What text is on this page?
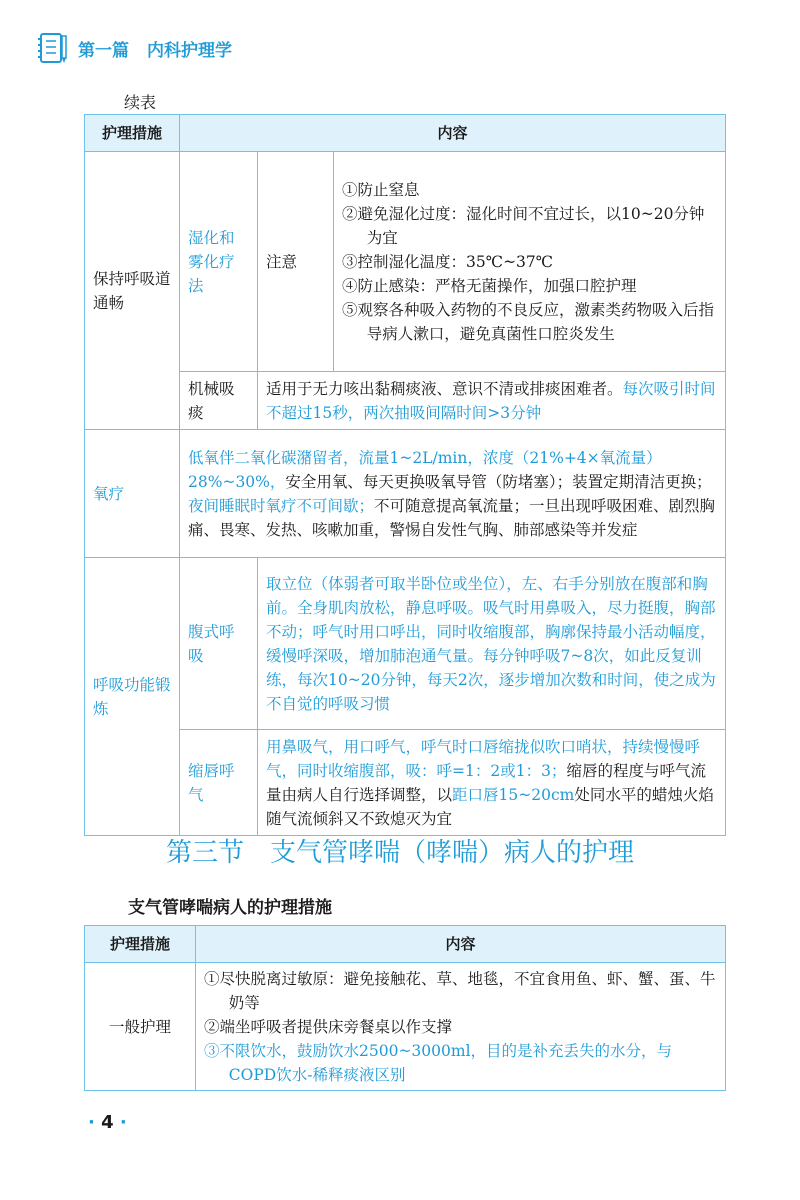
第一篇 内科护理学
续表
护理措施	内容		
保持呼吸道通畅	湿化和雾化疗法	注意	①防止窒息
②避免湿化过度：湿化时间不宜过长，以10~20分钟为宜
③控制湿化温度：35℃~37℃
④防止感染：严格无菌操作，加强口腔护理
⑤观察各种吸入药物的不良反应，激素类药物吸入后指导病人漱口，避免真菌性口腔炎发生

	机械吸痰	适用于无力咳出黏稠痰液、意识不清或排痰困难者。每次吸引时间不超过15秒，两次抽吸间隔时间>3分钟	
氧疗	低氧伴二氧化碳潴留者，流量1~2L/min，浓度（21%+4×氧流量）28%~30%，安全用氧、每天更换吸氧导管（防堵塞）；装置定期清洁更换；夜间睡眠时氧疗不可间歇；不可随意提高氧流量；一旦出现呼吸困难、剧烈胸痛、畏寒、发热、咳嗽加重，警惕自发性气胸、肺部感染等并发症		
呼吸功能锻炼	腹式呼吸	取立位（体弱者可取半卧位或坐位），左、右手分别放在腹部和胸前。全身肌肉放松，静息呼吸。吸气时用鼻吸入，尽力挺腹，胸部不动；呼气时用口呼出，同时收缩腹部，胸廓保持最小活动幅度，缓慢呼深吸，增加肺泡通气量。每分钟呼吸7~8次，如此反复训练，每次10~20分钟，每天2次，逐步增加次数和时间，使之成为不自觉的呼吸习惯	
	缩唇呼气	用鼻吸气，用口呼气，呼气时口唇缩拢似吹口哨状，持续慢慢呼气，同时收缩腹部，吸：呼=1：2或1：3；缩唇的程度与呼气流量由病人自行选择调整，以距口唇15~20cm处同水平的蜡烛火焰随气流倾斜又不致熄灭为宜	
第三节　支气管哮喘（哮喘）病人的护理
支气管哮喘病人的护理措施
护理措施	内容
一般护理	①尽快脱离过敏原：避免接触花、草、地毯，不宜食用鱼、虾、蟹、蛋、牛奶等
②端坐呼吸者提供床旁餐桌以作支撑
③不限饮水，鼓励饮水2500~3000ml，目的是补充丢失的水分，与COPD饮水-稀释痰液区别
· 4 ·
